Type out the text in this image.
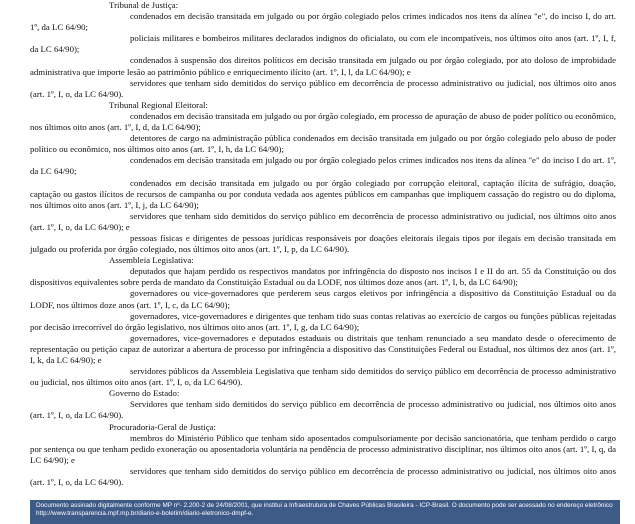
Tribunal de Justiça:

condenados em decisão transitada em julgado ou por órgão colegiado pelos crimes indicados nos itens da alínea "e", do inciso I, do art. 1º, da LC 64/90;

policiais militares e bombeiros militares declarados indignos do oficialato, ou com ele incompatíveis, nos últimos oito anos (art. 1º, I, f, da LC 64/90);

condenados à suspensão dos direitos políticos em decisão transitada em julgado ou por órgão colegiado, por ato doloso de improbidade administrativa que importe lesão ao patrimônio público e enriquecimento ilícito (art. 1º, I, l, da LC 64/90); e

servidores que tenham sido demitidos do serviço público em decorrência de processo administrativo ou judicial, nos últimos oito anos (art. 1º, I, o, da LC 64/90).

Tribunal Regional Eleitoral:

condenados em decisão transitada em julgado ou por órgão colegiado, em processo de apuração de abuso de poder político ou econômico, nos últimos oito anos (art. 1º, I, d, da LC 64/90);

detentores de cargo na administração pública condenados em decisão transitada em julgado ou por órgão colegiado pelo abuso de poder político ou econômico, nos últimos oito anos (art. 1º, I, h, da LC 64/90);

condenados em decisão transitada em julgado ou por órgão colegiado pelos crimes indicados nos itens da alínea "e" do inciso I do art. 1º, da LC 64/90;

condenados em decisão transitada em julgado ou por órgão colegiado por corrupção eleitoral, captação ilícita de sufrágio, doação, captação ou gastos ilícitos de recursos de campanha ou por conduta vedada aos agentes públicos em campanhas que impliquem cassação do registro ou do diploma, nos últimos oito anos (art. 1º, I, j, da LC 64/90);

servidores que tenham sido demitidos do serviço público em decorrência de processo administrativo ou judicial, nos últimos oito anos (art. 1º, I, o, da LC 64/90); e

pessoas físicas e dirigentes de pessoas jurídicas responsáveis por doações eleitorais ilegais tipos por ilegais em decisão transitada em julgado ou proferida por órgão colegiado, nos últimos oito anos (art. 1º, I, p, da LC 64/90).

Assembleia Legislativa:

deputados que hajam perdido os respectivos mandatos por infringência do disposto nos incisos I e II do art. 55 da Constituição ou dos dispositivos equivalentes sobre perda de mandato da Constituição Estadual ou da LODF, nos últimos doze anos (art. 1º, I, b, da LC 64/90);

governadores ou vice-governadores que perderem seus cargos eletivos por infringência a dispositivo da Constituição Estadual ou da LODF, nos últimos doze anos (art. 1º, I, c, da LC 64/90);

governadores, vice-governadores e dirigentes que tenham tido suas contas relativas ao exercício de cargos ou funções públicas rejeitadas por decisão irrecorrível do órgão legislativo, nos últimos oito anos (art. 1º, I, g, da LC 64/90);

governadores, vice-governadores e deputados estaduais ou distritais que tenham renunciado a seu mandato desde o oferecimento de representação ou petição capaz de autorizar a abertura de processo por infringência a dispositivo das Constituições Federal ou Estadual, nos últimos dez anos (art. 1º, I, k, da LC 64/90); e

servidores públicos da Assembleia Legislativa que tenham sido demitidos do serviço público em decorrência de processo administrativo ou judicial, nos últimos oito anos (art. 1º, I, o, da LC 64/90).

Governo do Estado:

Servidores que tenham sido demitidos do serviço público em decorrência de processo administrativo ou judicial, nos últimos oito anos (art. 1º, I, o, da LC 64/90).

Procuradoria-Geral de Justiça:

membros do Ministério Público que tenham sido aposentados compulsoriamente por decisão sancionatória, que tenham perdido o cargo por sentença ou que tenham pedido exoneração ou aposentadoria voluntária na pendência de processo administrativo disciplinar, nos últimos oito anos (art. 1º, I, q, da LC 64/90); e

servidores que tenham sido demitidos do serviço público em decorrência de processo administrativo ou judicial, nos últimos oito anos (art. 1º, I, o, da LC 64/90).

Documento assinado digitalmente conforme MP nº- 2.200-2 de 24/08/2001, que institui a Infraestrutura de Chaves Públicas Brasileira - ICP-Brasil. O documento pode ser acessado no endereço eletrônico http://www.transparencia.mpf.mp.br/diario-e-boletim/diario-eletronico-dmpf-e.
